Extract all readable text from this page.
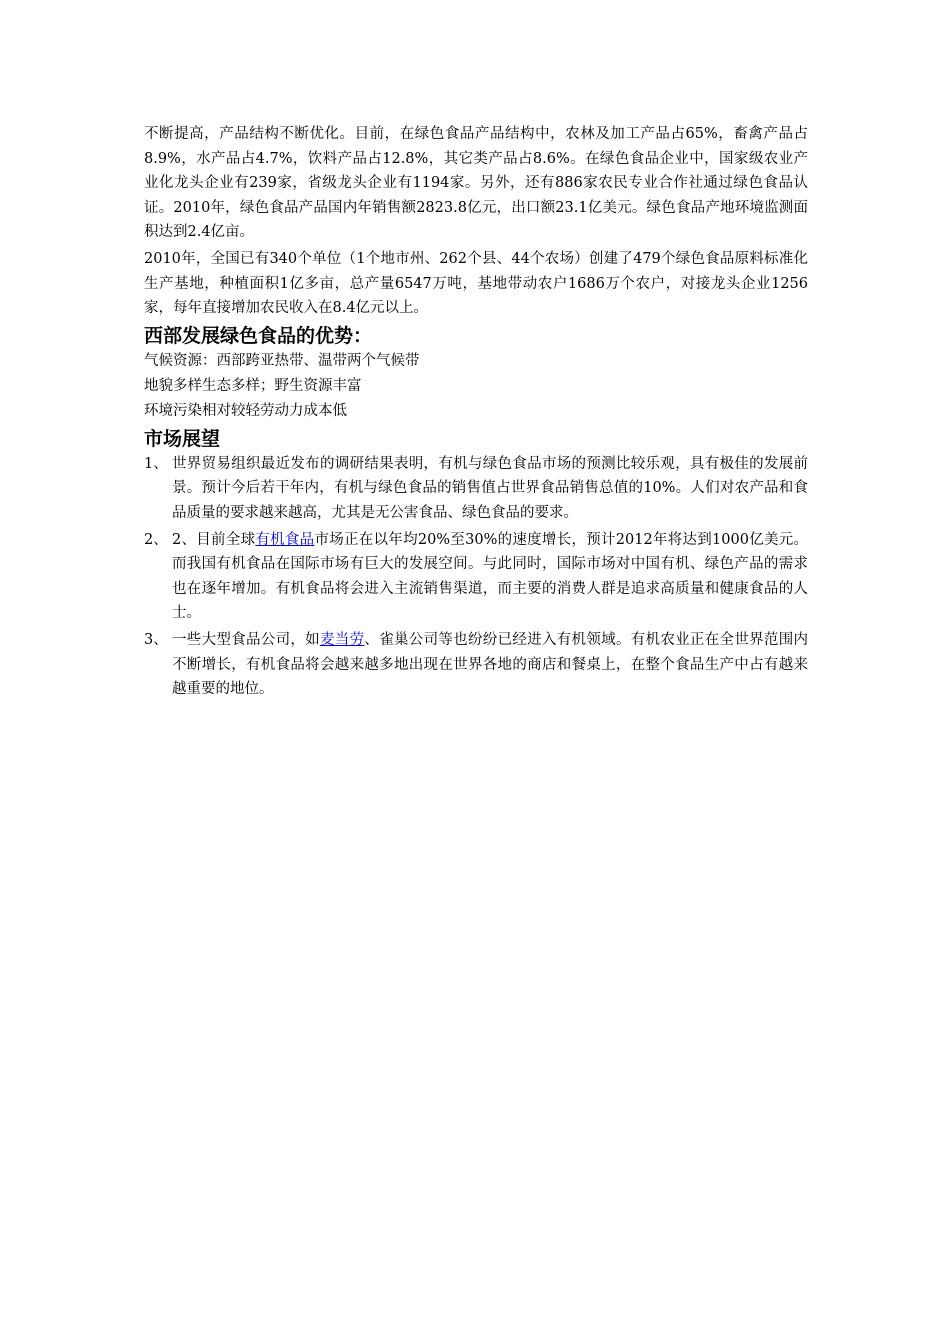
不断提高，产品结构不断优化。目前，在绿色食品产品结构中，农林及加工产品占65%，畜禽产品占8.9%，水产品占4.7%，饮料产品占12.8%，其它类产品占8.6%。在绿色食品企业中，国家级农业产业化龙头企业有239家，省级龙头企业有1194家。另外，还有886家农民专业合作社通过绿色食品认证。2010年，绿色食品产品国内年销售额2823.8亿元，出口额23.1亿美元。绿色食品产地环境监测面积达到2.4亿亩。

2010年，全国已有340个单位（1个地市州、262个县、44个农场）创建了479个绿色食品原料标准化生产基地，种植面积1亿多亩，总产量6547万吨，基地带动农户1686万个农户，对接龙头企业1256家，每年直接增加农民收入在8.4亿元以上。

西部发展绿色食品的优势：

气候资源：西部跨亚热带、温带两个气候带

地貌多样生态多样；野生资源丰富

环境污染相对较轻劳动力成本低

市场展望
1、 世界贸易组织最近发布的调研结果表明，有机与绿色食品市场的预测比较乐观，具有极佳的发展前景。预计今后若干年内，有机与绿色食品的销售值占世界食品销售总值的10%。人们对农产品和食品质量的要求越来越高，尤其是无公害食品、绿色食品的要求。
2、 2、目前全球有机食品市场正在以年均20%至30%的速度增长，预计2012年将达到1000亿美元。而我国有机食品在国际市场有巨大的发展空间。与此同时，国际市场对中国有机、绿色产品的需求也在逐年增加。有机食品将会进入主流销售渠道，而主要的消费人群是追求高质量和健康食品的人士。
3、 一些大型食品公司，如麦当劳、雀巢公司等也纷纷已经进入有机领域。有机农业正在全世界范围内不断增长，有机食品将会越来越多地出现在世界各地的商店和餐桌上，在整个食品生产中占有越来越重要的地位。
